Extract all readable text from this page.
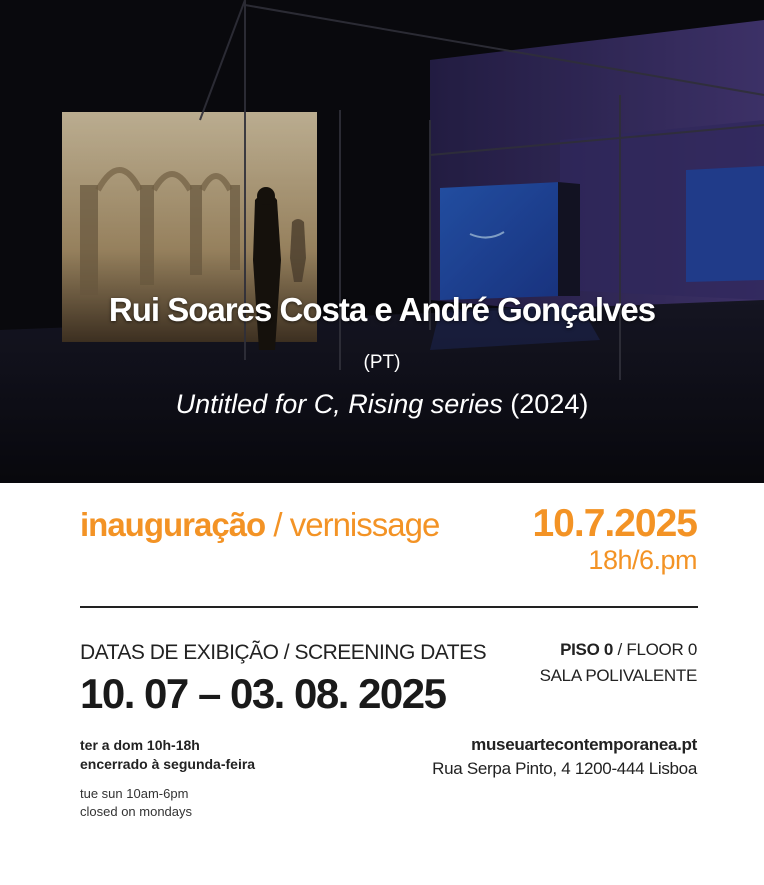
Rui Soares Costa e André Gonçalves
(PT)
Untitled for C, Rising series (2024)
inauguração / vernissage 10.7.2025
18h/6.pm
DATAS DE EXIBIÇÃO / SCREENING DATES
10. 07 – 03. 08. 2025
PISO 0 / FLOOR 0
SALA POLIVALENTE
ter a dom 10h-18h
encerrado à segunda-feira
tue sun 10am-6pm
closed on mondays
museuartecontemporanea.pt
Rua Serpa Pinto, 4 1200-444 Lisboa
